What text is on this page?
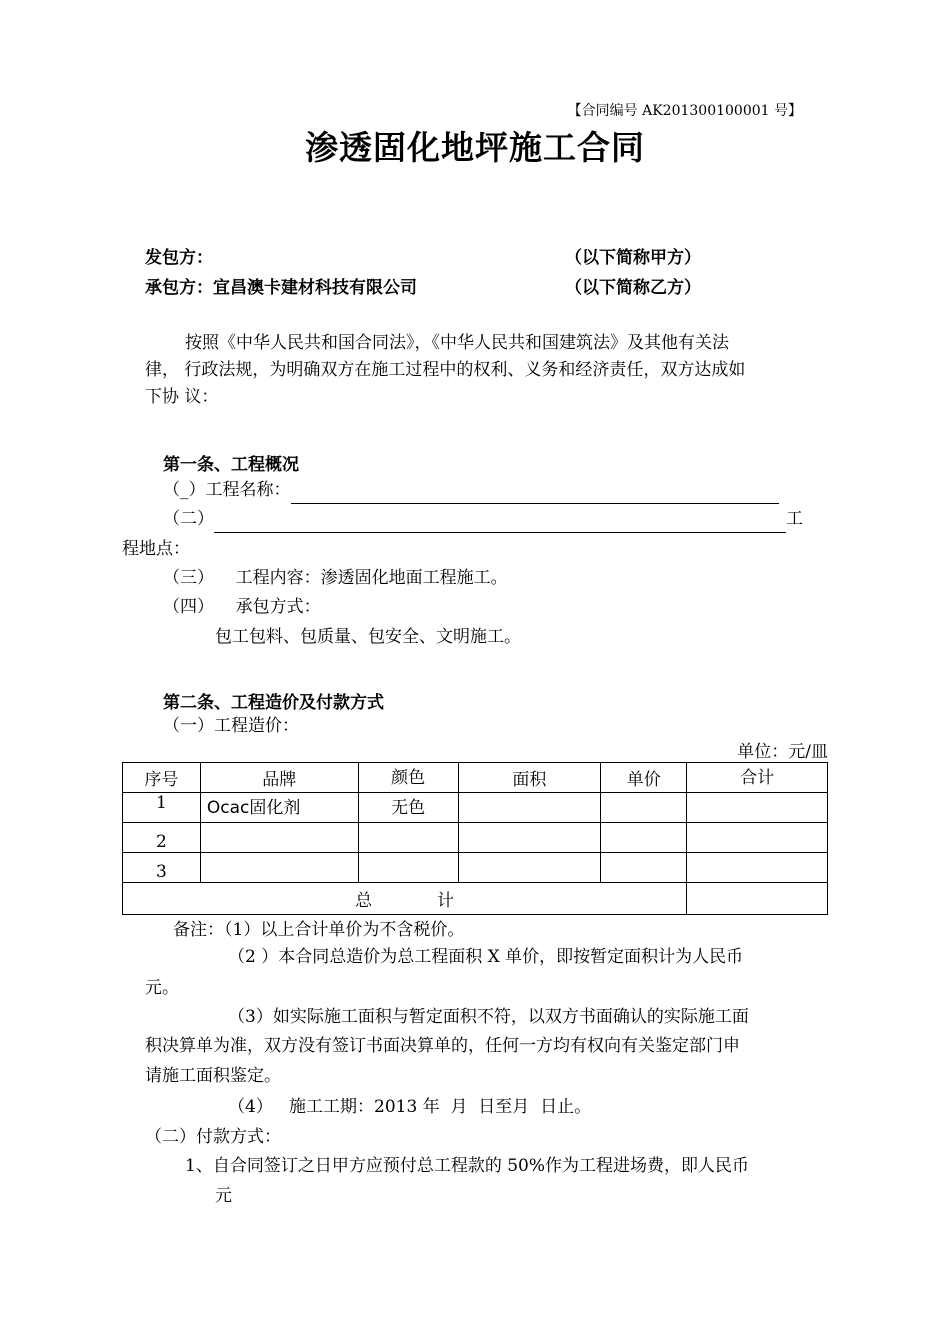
【合同编号 AK201300100001 号】
渗透固化地坪施工合同
发包方：	（以下简称甲方）
承包方：宜昌澳卡建材科技有限公司	（以下简称乙方）
按照《中华人民共和国合同法》，《中华人民共和国建筑法》及其他有关法
律， 行政法规，为明确双方在施工过程中的权利、义务和经济责任，双方达成如
下协 议：
第一条、工程概况
（_）工程名称：
（二）	工
程地点：
（三）    工程内容：渗透固化地面工程施工。
（四）    承包方式：
包工包料、包质量、包安全、文明施工。
第二条、工程造价及付款方式
（一）工程造价：
单位：元/皿
序号	品牌	颜色	面积	单价	合计
1	Ocac固化剂	无色			
2					
3					
总            计					
备注：（1）以上合计单价为不含税价。
（2 ）本合同总造价为总工程面积 X 单价，即按暂定面积计为人民币
元。
（3）如实际施工面积与暂定面积不符，以双方书面确认的实际施工面
积决算单为准，双方没有签订书面决算单的，任何一方均有权向有关鉴定部门申
请施工面积鉴定。
（4）   施工工期：2013 年  月  日至月  日止。
（二）付款方式：
1、自合同签订之日甲方应预付总工程款的 50%作为工程进场费，即人民币
元
